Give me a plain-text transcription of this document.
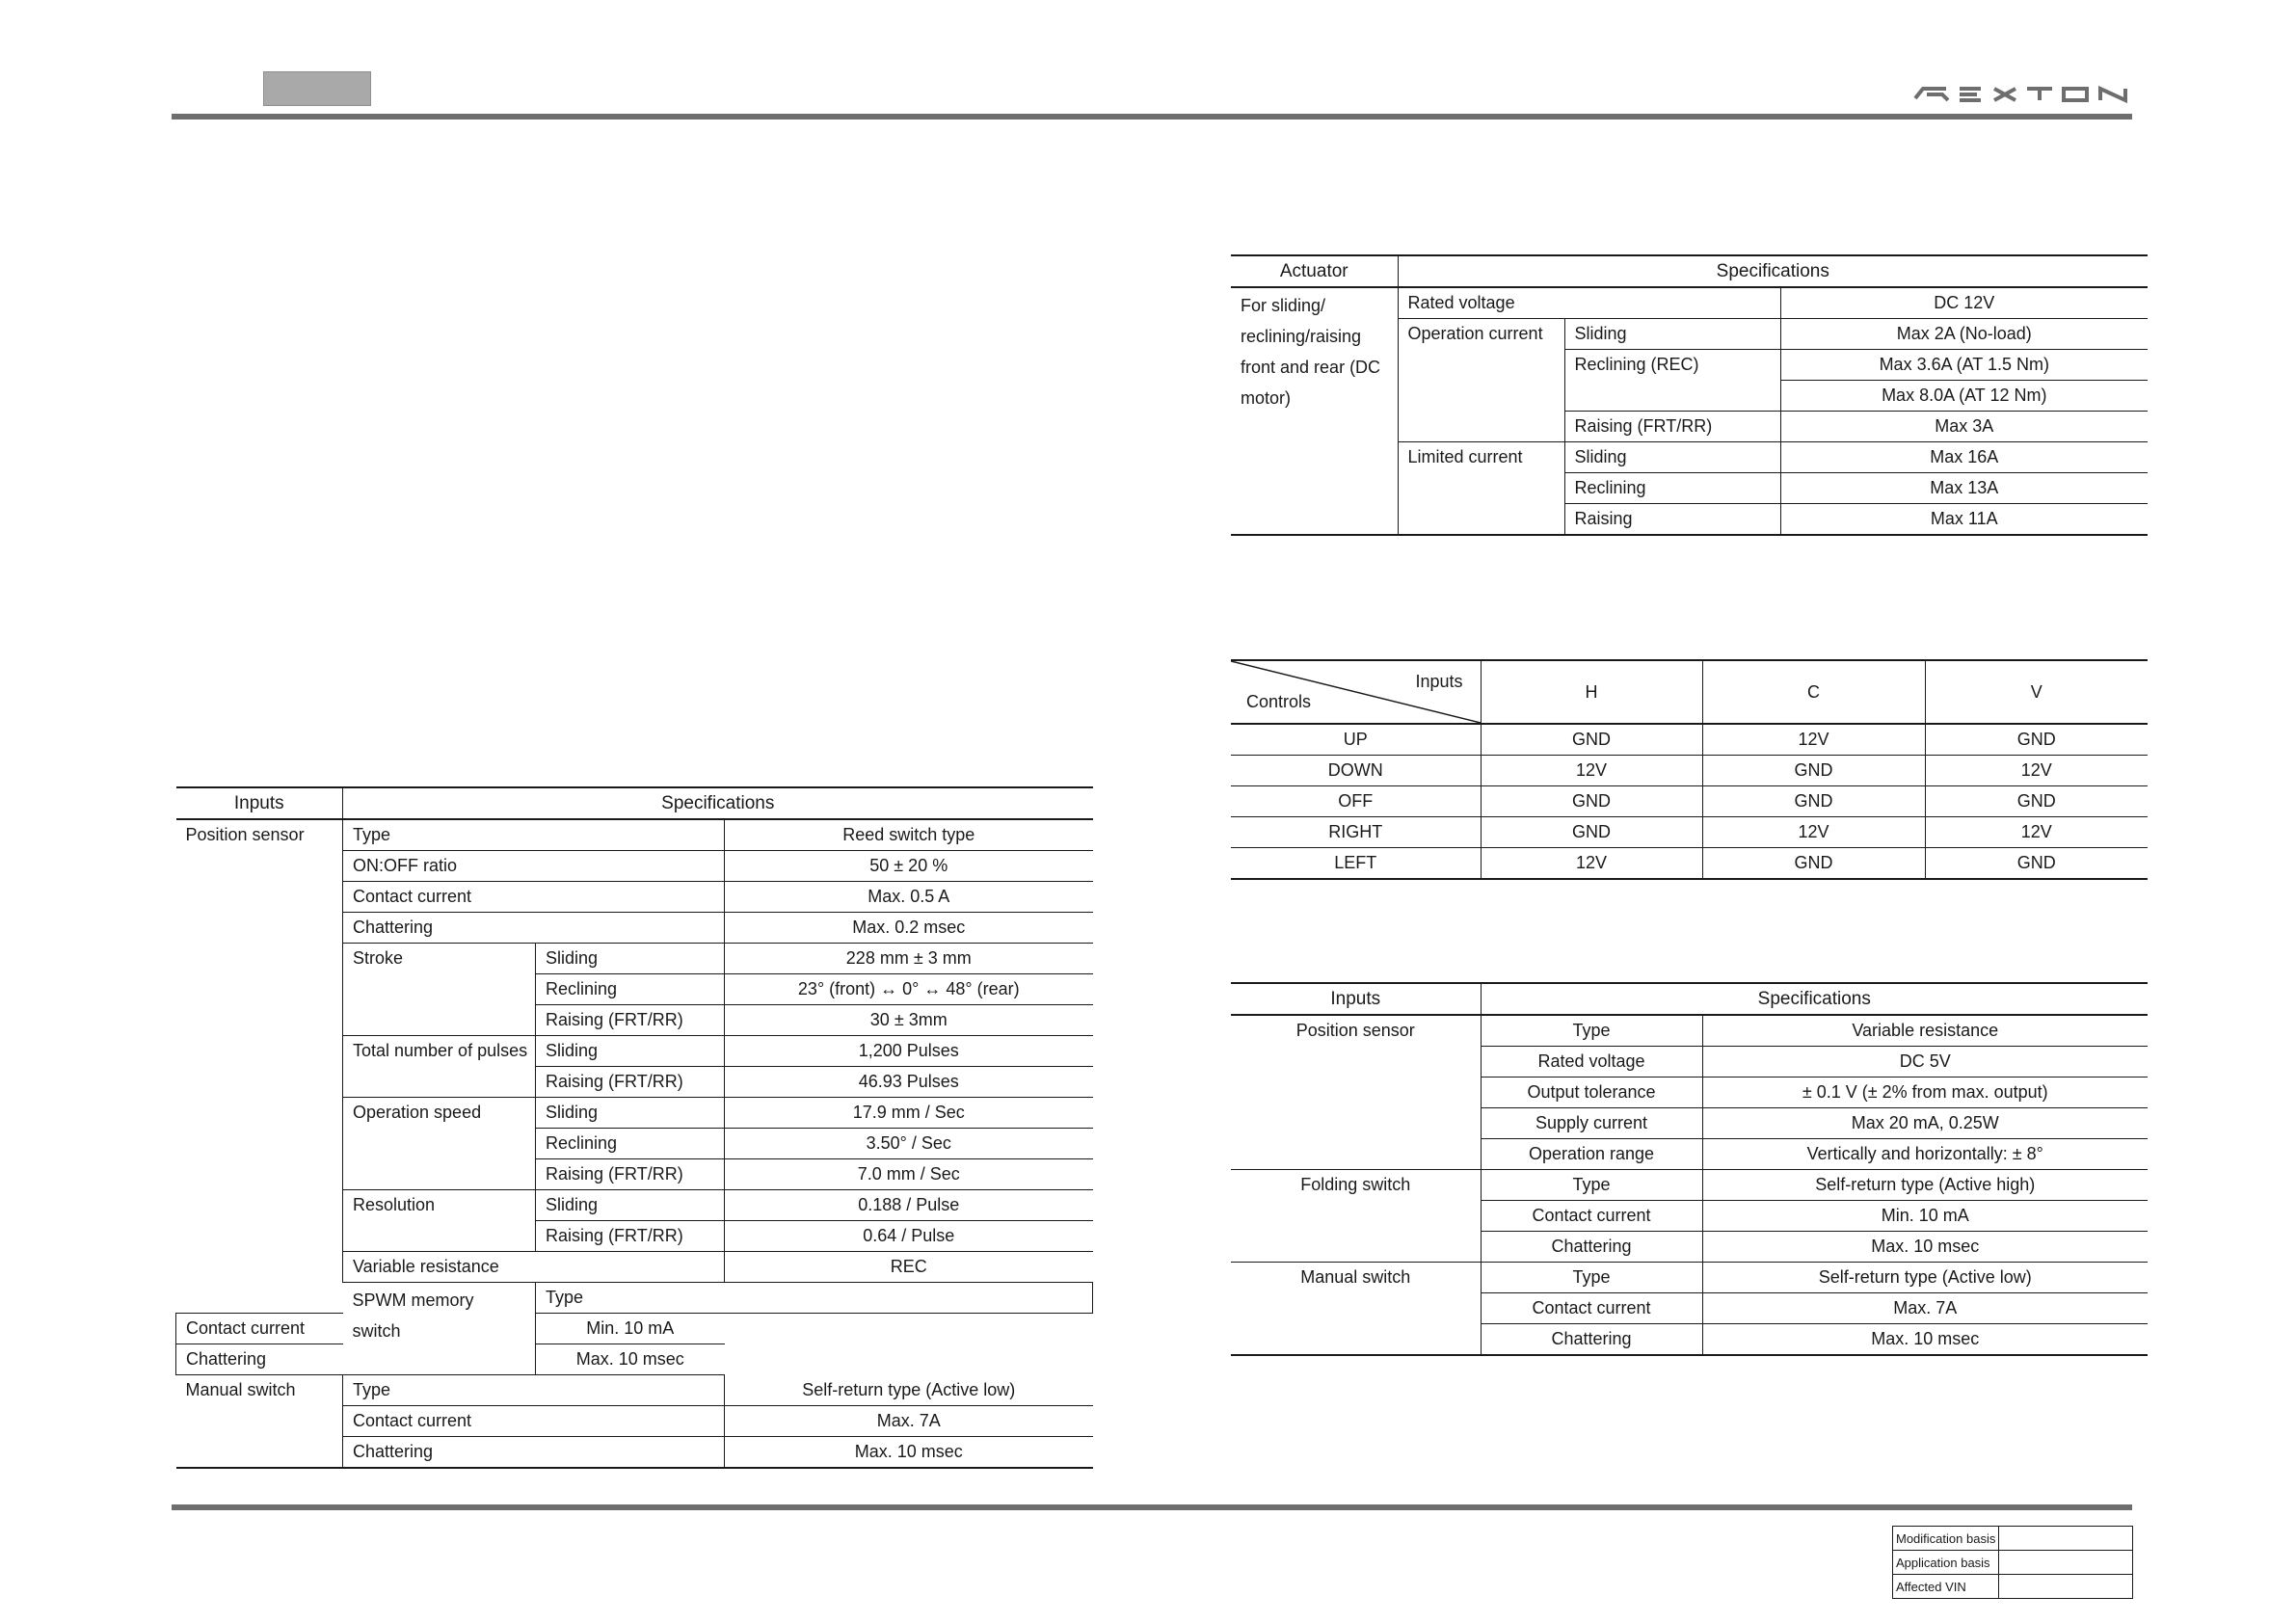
Inputs	Specifications			
Position sensor	Type		Reed switch type	
	ON:OFF ratio		50 ± 20 %	
	Contact current		Max. 0.5 A	
	Chattering		Max. 0.2 msec	
	Stroke	Sliding	228 mm ± 3 mm	
		Reclining	23° (front) ↔ 0° ↔ 48° (rear)	
		Raising (FRT/RR)	30 ± 3mm	
	Total number of pulses	Sliding	1,200 Pulses	
		Raising (FRT/RR)	46.93 Pulses	
	Operation speed	Sliding	17.9 mm / Sec	
		Reclining	3.50° / Sec	
		Raising (FRT/RR)	7.0 mm / Sec	
	Resolution	Sliding	0.188 / Pulse	
		Raising (FRT/RR)	0.64 / Pulse	
	Variable resistance		REC	
	SPWM memory switch	Type	
Contact current		Min. 10 mA		
Chattering		Max. 10 msec		
Manual switch	Type		Self-return type (Active low)	
	Contact current		Max. 7A	
	Chattering		Max. 10 msec	
Actuator	Specifications		
For sliding/ reclining/raising front and rear (DC motor)	Rated voltage		DC 12V
	Operation current	Sliding	Max 2A (No-load)
		Reclining (REC)	Max 3.6A (AT 1.5 Nm)
			Max 8.0A (AT 12 Nm)
		Raising (FRT/RR)	Max 3A
	Limited current	Sliding	Max 16A
		Reclining	Max 13A
		Raising	Max 11A
Inputs
Controls	H	C	V
UP	GND	12V	GND
DOWN	12V	GND	12V
OFF	GND	GND	GND
RIGHT	GND	12V	12V
LEFT	12V	GND	GND
Inputs	Specifications	
Position sensor	Type	Variable resistance
	Rated voltage	DC 5V
	Output tolerance	± 0.1 V (± 2% from max. output)
	Supply current	Max 20 mA, 0.25W
	Operation range	Vertically and horizontally: ± 8°
Folding switch	Type	Self-return type (Active high)
	Contact current	Min. 10 mA
	Chattering	Max. 10 msec
Manual switch	Type	Self-return type (Active low)
	Contact current	Max. 7A
	Chattering	Max. 10 msec
Modification basis	
Application basis	
Affected VIN	
